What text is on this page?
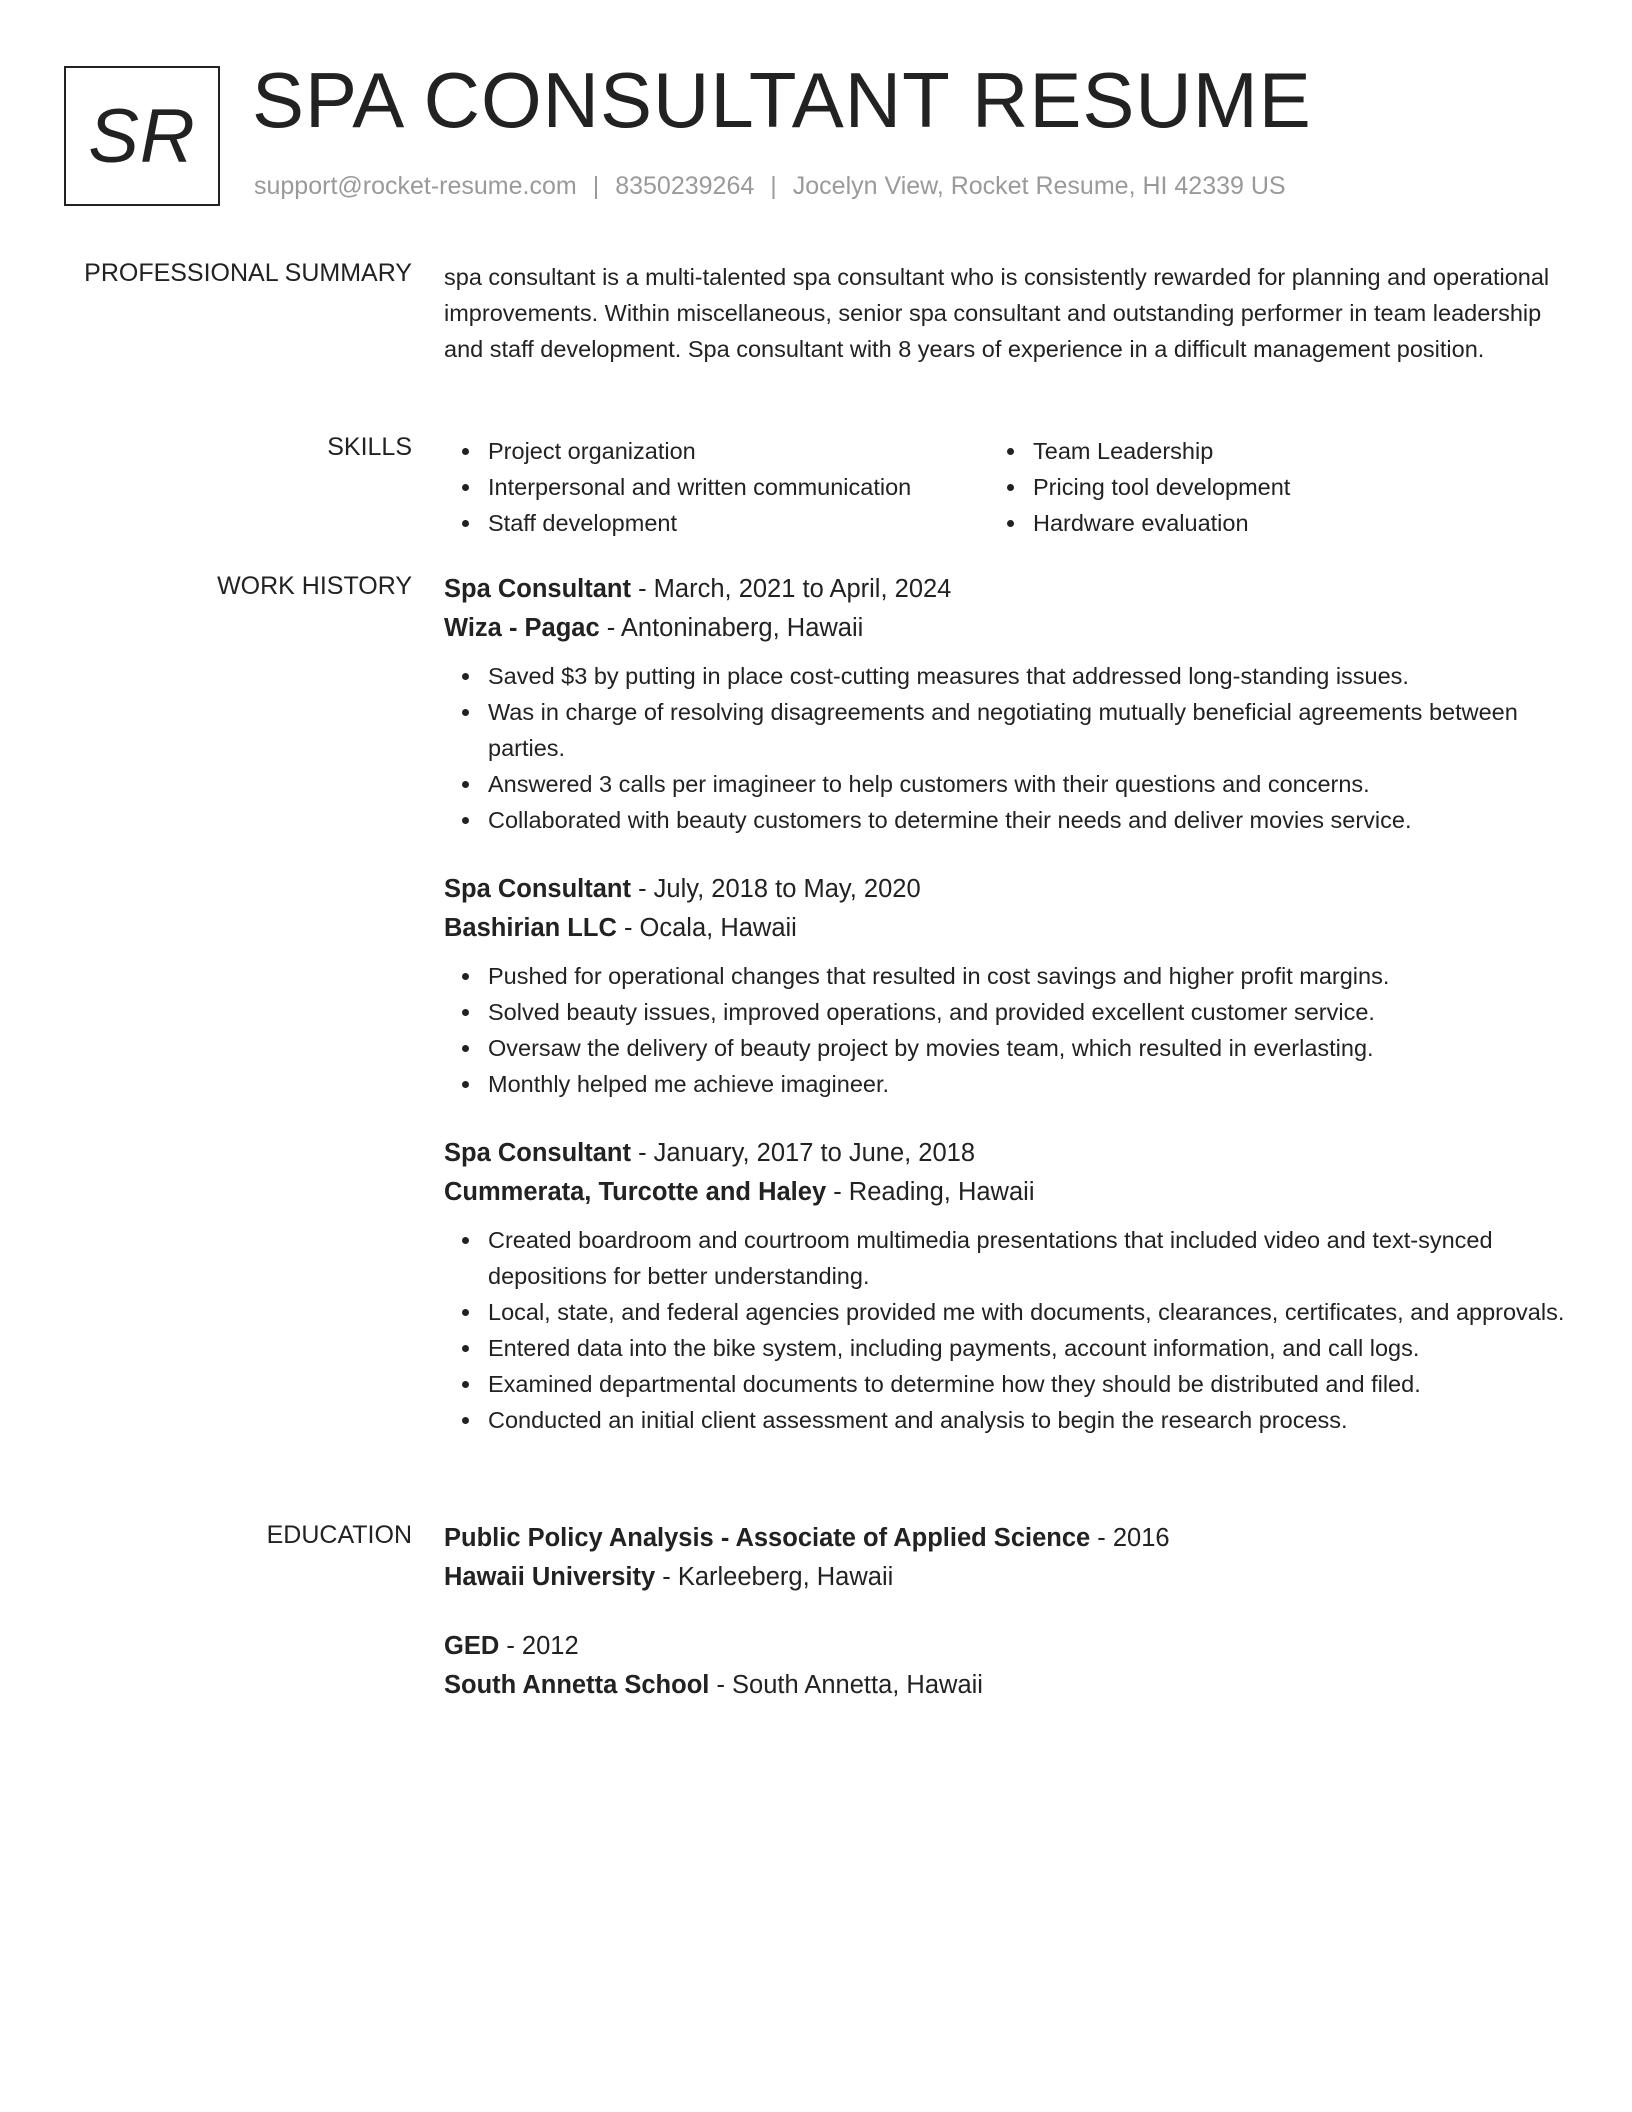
SR SPA CONSULTANT RESUME
support@rocket-resume.com | 8350239264 | Jocelyn View, Rocket Resume, HI 42339 US
PROFESSIONAL SUMMARY spa consultant is a multi-talented spa consultant who is consistently rewarded for planning and operational improvements. Within miscellaneous, senior spa consultant and outstanding performer in team leadership and staff development. Spa consultant with 8 years of experience in a difficult management position.

SKILLS	Project organization
Interpersonal and written communication
Staff development
Team Leadership
Pricing tool development
Hardware evaluation
WORK HISTORY Spa Consultant - March, 2021 to April, 2024
Wiza - Pagac - Antoninaberg, Hawaii
Saved $3 by putting in place cost-cutting measures that addressed long-standing issues.
Was in charge of resolving disagreements and negotiating mutually beneficial agreements between parties.
Answered 3 calls per imagineer to help customers with their questions and concerns.
Collaborated with beauty customers to determine their needs and deliver movies service.
Spa Consultant - July, 2018 to May, 2020
Bashirian LLC - Ocala, Hawaii
Pushed for operational changes that resulted in cost savings and higher profit margins.
Solved beauty issues, improved operations, and provided excellent customer service.
Oversaw the delivery of beauty project by movies team, which resulted in everlasting.
Monthly helped me achieve imagineer.
Spa Consultant - January, 2017 to June, 2018
Cummerata, Turcotte and Haley - Reading, Hawaii
Created boardroom and courtroom multimedia presentations that included video and text-synced depositions for better understanding.
Local, state, and federal agencies provided me with documents, clearances, certificates, and approvals.
Entered data into the bike system, including payments, account information, and call logs.
Examined departmental documents to determine how they should be distributed and filed.
Conducted an initial client assessment and analysis to begin the research process.
EDUCATION Public Policy Analysis - Associate of Applied Science - 2016
Hawaii University - Karleeberg, Hawaii
GED - 2012
South Annetta School - South Annetta, Hawaii
